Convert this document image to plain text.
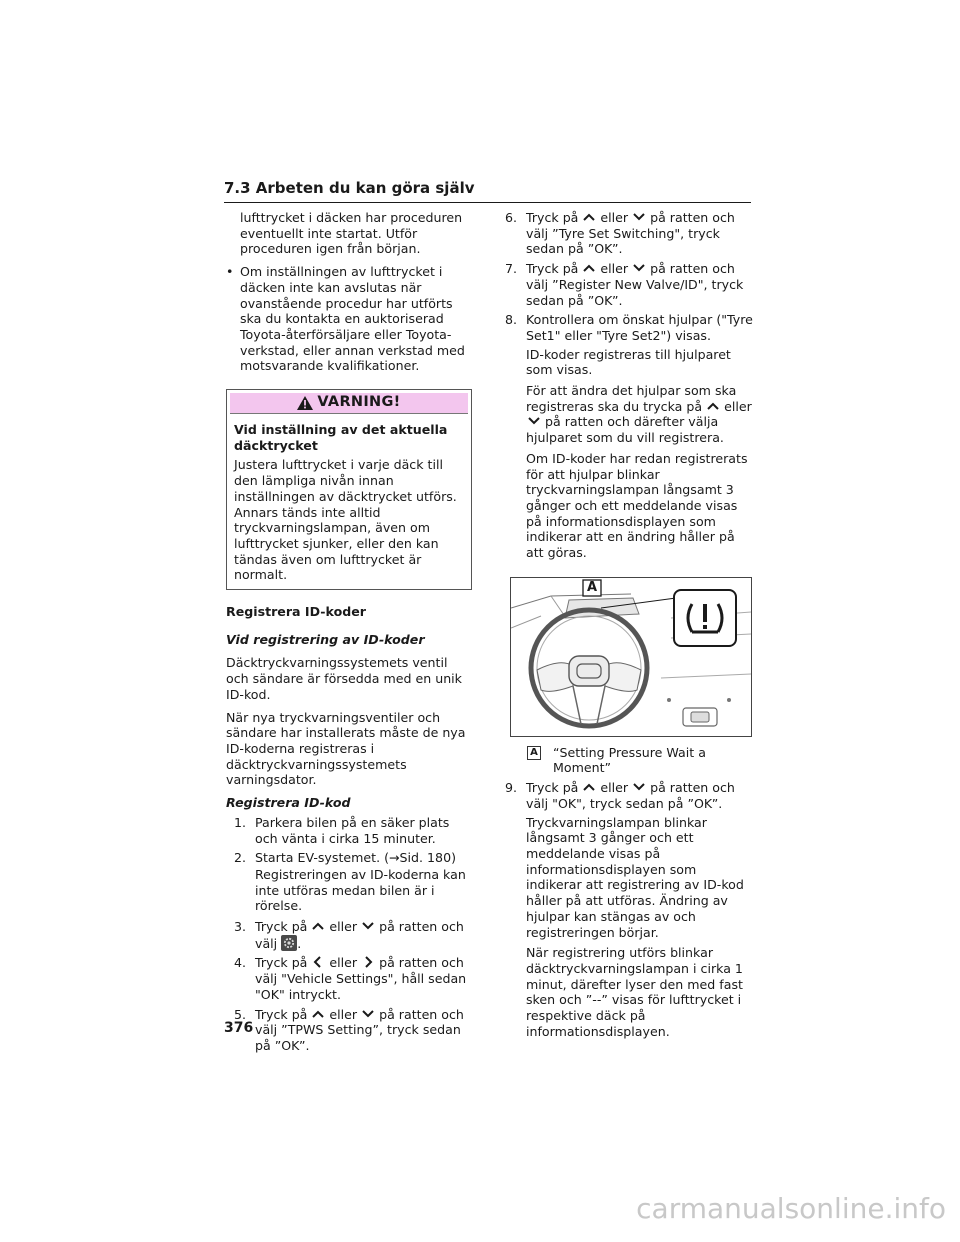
7.3 Arbeten du kan göra själv

lufttrycket i däcken har proceduren eventuellt inte startat. Utför proceduren igen från början.

• Om inställningen av lufttrycket i däcken inte kan avslutas när ovanstående procedur har utförts ska du kontakta en auktoriserad Toyota-återförsäljare eller Toyota-verkstad, eller annan verkstad med motsvarande kvalifikationer.

VARNING!

Vid inställning av det aktuella däcktrycket

Justera lufttrycket i varje däck till den lämpliga nivån innan inställningen av däcktrycket utförs. Annars tänds inte alltid tryckvarningslampan, även om lufttrycket sjunker, eller den kan tändas även om lufttrycket är normalt.

Registrera ID-koder

Vid registrering av ID-koder

Däcktryckvarningssystemets ventil och sändare är försedda med en unik ID-kod.

När nya tryckvarningsventiler och sändare har installerats måste de nya ID-koderna registreras i däcktryckvarningssystemets varningsdator.

Registrera ID-kod

1. Parkera bilen på en säker plats och vänta i cirka 15 minuter.

2. Starta EV-systemet. (→Sid. 180)

Registreringen av ID-koderna kan inte utföras medan bilen är i rörelse.

3. Tryck på eller på ratten och
välj .

4. Tryck på eller på ratten och välj "Vehicle Settings", håll sedan "OK" intryckt.

5. Tryck på eller på ratten och välj ”TPWS Setting”, tryck sedan på ”OK”.

6. Tryck på eller på ratten och välj ”Tyre Set Switching", tryck sedan på ”OK”.

7. Tryck på eller på ratten och välj ”Register New Valve/ID", tryck sedan på ”OK”.

8. Kontrollera om önskat hjulpar ("Tyre Set1" eller "Tyre Set2") visas.

ID-koder registreras till hjulparet som visas.

För att ändra det hjulpar som ska registreras ska du trycka på eller
på ratten och därefter välja hjulparet som du vill registrera.

Om ID-koder har redan registrerats för att hjulpar blinkar tryckvarningslampan långsamt 3 gånger och ett meddelande visas på informationsdisplayen som indikerar att en ändring håller på att göras.

A
A “Setting Pressure Wait a Moment”

9. Tryck på eller på ratten och välj "OK", tryck sedan på ”OK”.

Tryckvarningslampan blinkar långsamt 3 gånger och ett meddelande visas på informationsdisplayen som indikerar att registrering av ID-kod håller på att utföras. Ändring av hjulpar kan stängas av och registreringen börjar.

När registrering utförs blinkar däcktryckvarningslampan i cirka 1 minut, därefter lyser den med fast sken och ”--” visas för lufttrycket i respektive däck på informationsdisplayen.

376
carmanualsonline.info
